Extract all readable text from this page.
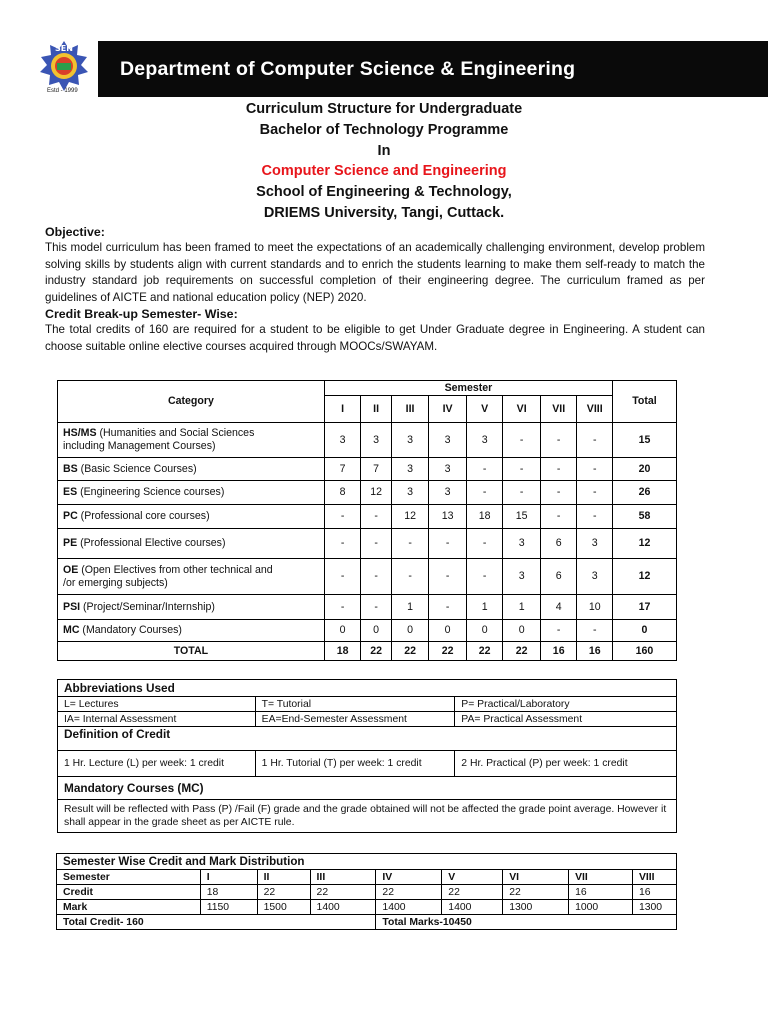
SEN
Estd - 1999
Department of Computer Science & Engineering
Curriculum Structure for Undergraduate
Bachelor of Technology Programme
In
Computer Science and Engineering
School of Engineering & Technology,
DRIEMS University, Tangi, Cuttack.
Objective:
This model curriculum has been framed to meet the expectations of an academically challenging environment, develop problem solving skills by students align with current standards and to enrich the students learning to make them self-ready to match the industry standard job requirements on successful completion of their engineering degree. The curriculum framed as per guidelines of AICTE and national education policy (NEP) 2020.
Credit Break-up Semester- Wise:
The total credits of 160 are required for a student to be eligible to get Under Graduate degree in Engineering. A student can choose suitable online elective courses acquired through MOOCs/SWAYAM.
Category	Semester								Total
	I	II	III	IV	V	VI	VII	VIII	
HS/MS (Humanities and Social Sciences
including Management Courses)	3	3	3	3	3	-	-	-	15
BS (Basic Science Courses)	7	7	3	3	-	-	-	-	20
ES (Engineering Science courses)	8	12	3	3	-	-	-	-	26
PC (Professional core courses)	-	-	12	13	18	15	-	-	58
PE (Professional Elective courses)	-	-	-	-	-	3	6	3	12
OE (Open Electives from other technical and
/or emerging subjects)	-	-	-	-	-	3	6	3	12
PSI (Project/Seminar/Internship)	-	-	1	-	1	1	4	10	17
MC (Mandatory Courses)	0	0	0	0	0	0	-	-	0
TOTAL	18	22	22	22	22	22	16	16	160
Abbreviations Used		
L= Lectures	T= Tutorial	P= Practical/Laboratory
IA= Internal Assessment	EA=End-Semester Assessment	PA= Practical Assessment
Definition of Credit		
1 Hr. Lecture (L) per week: 1 credit	1 Hr. Tutorial (T) per week: 1 credit	2 Hr. Practical (P) per week: 1 credit
Mandatory Courses (MC)		
Result will be reflected with Pass (P) /Fail (F) grade and the grade obtained will not be affected the grade point average. However it shall appear in the grade sheet as per AICTE rule.		
Semester Wise Credit and Mark Distribution								
Semester	I	II	III	IV	V	VI	VII	VIII
Credit	18	22	22	22	22	22	16	16
Mark	1150	1500	1400	1400	1400	1300	1000	1300
Total Credit- 160				Total Marks-10450				
